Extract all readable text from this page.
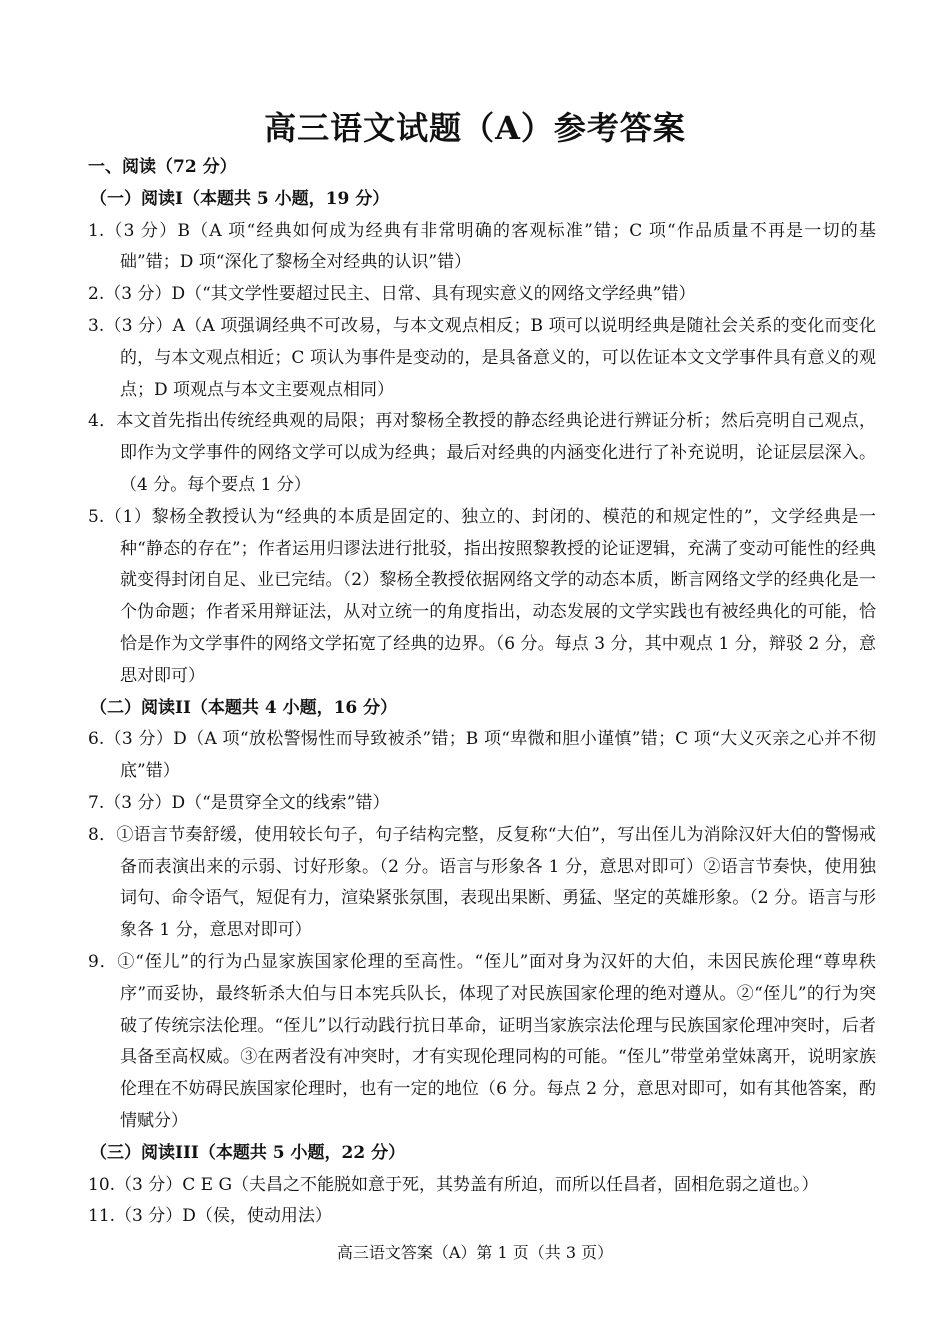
高三语文试题（A）参考答案

一、阅读（72 分）

（一）阅读I（本题共 5 小题，19 分）

1.（3 分）B（A 项“经典如何成为经典有非常明确的客观标准”错；C 项“作品质量不再是一切的基础”错；D 项“深化了黎杨全对经典的认识”错）

2.（3 分）D（“其文学性要超过民主、日常、具有现实意义的网络文学经典”错）

3.（3 分）A（A 项强调经典不可改易，与本文观点相反；B 项可以说明经典是随社会关系的变化而变化的，与本文观点相近；C 项认为事件是变动的，是具备意义的，可以佐证本文文学事件具有意义的观点；D 项观点与本文主要观点相同）

4．本文首先指出传统经典观的局限；再对黎杨全教授的静态经典论进行辨证分析；然后亮明自己观点，即作为文学事件的网络文学可以成为经典；最后对经典的内涵变化进行了补充说明，论证层层深入。（4 分。每个要点 1 分）

5.（1）黎杨全教授认为“经典的本质是固定的、独立的、封闭的、模范的和规定性的”，文学经典是一种“静态的存在”；作者运用归谬法进行批驳，指出按照黎教授的论证逻辑，充满了变动可能性的经典就变得封闭自足、业已完结。（2）黎杨全教授依据网络文学的动态本质，断言网络文学的经典化是一个伪命题；作者采用辩证法，从对立统一的角度指出，动态发展的文学实践也有被经典化的可能，恰恰是作为文学事件的网络文学拓宽了经典的边界。（6 分。每点 3 分，其中观点 1 分，辩驳 2 分，意思对即可）

（二）阅读II（本题共 4 小题，16 分）

6.（3 分）D（A 项“放松警惕性而导致被杀”错；B 项“卑微和胆小谨慎”错；C 项“大义灭亲之心并不彻底”错）

7.（3 分）D（“是贯穿全文的线索”错）

8．①语言节奏舒缓，使用较长句子，句子结构完整，反复称“大伯”，写出侄儿为消除汉奸大伯的警惕戒备而表演出来的示弱、讨好形象。（2 分。语言与形象各 1 分，意思对即可）②语言节奏快，使用独词句、命令语气，短促有力，渲染紧张氛围，表现出果断、勇猛、坚定的英雄形象。（2 分。语言与形象各 1 分，意思对即可）

9．①“侄儿”的行为凸显家族国家伦理的至高性。“侄儿”面对身为汉奸的大伯，未因民族伦理“尊卑秩序”而妥协，最终斩杀大伯与日本宪兵队长，体现了对民族国家伦理的绝对遵从。②“侄儿”的行为突破了传统宗法伦理。“侄儿”以行动践行抗日革命，证明当家族宗法伦理与民族国家伦理冲突时，后者具备至高权威。③在两者没有冲突时，才有实现伦理同构的可能。“侄儿”带堂弟堂妹离开，说明家族伦理在不妨碍民族国家伦理时，也有一定的地位（6 分。每点 2 分，意思对即可，如有其他答案，酌情赋分）

（三）阅读III（本题共 5 小题，22 分）

10.（3 分）C E G（夫昌之不能脱如意于死，其势盖有所迫，而所以任昌者，固相危弱之道也。）

11.（3 分）D（侯，使动用法）

高三语文答案（A）第 1 页（共 3 页）
